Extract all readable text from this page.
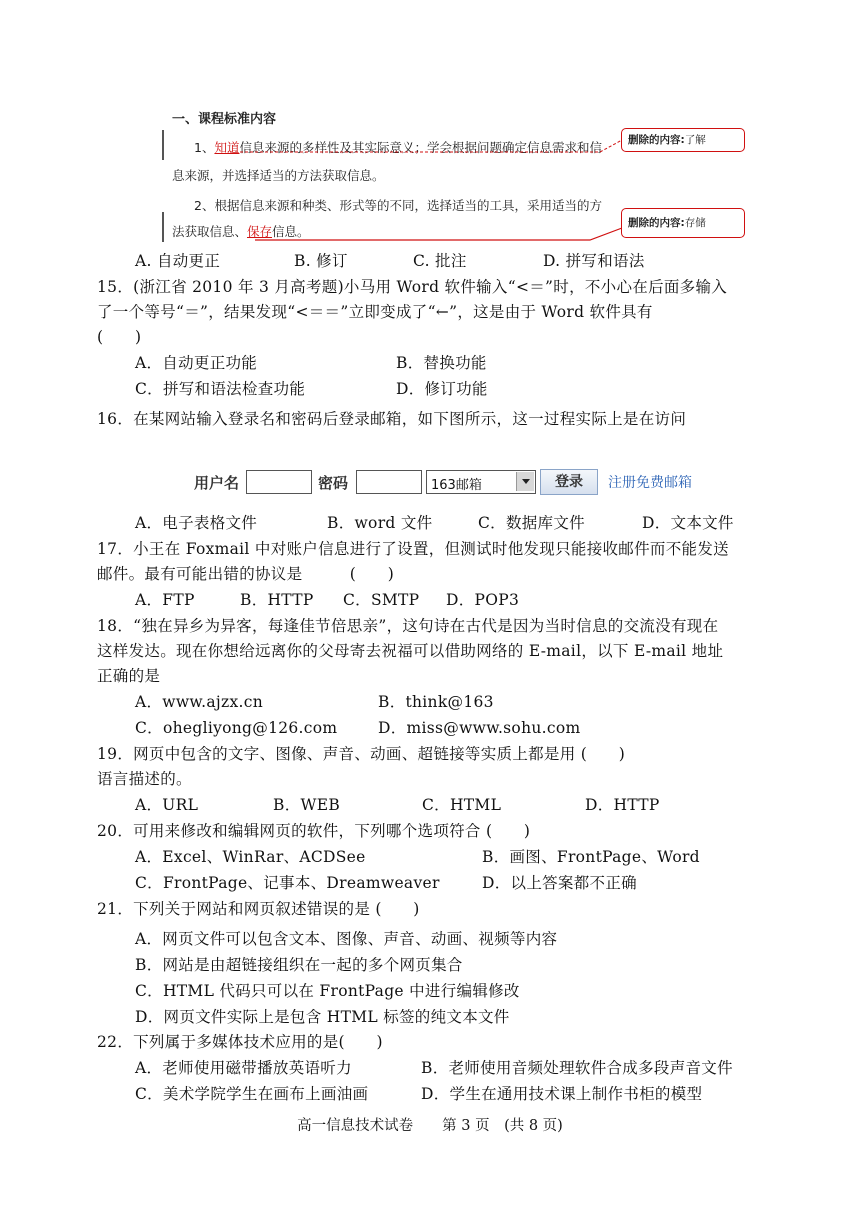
一、课程标准内容
1、知道信息来源的多样性及其实际意义；学会根据问题确定信息需求和信
息来源，并选择适当的方法获取信息。
2、根据信息来源和种类、形式等的不同，选择适当的工具，采用适当的方
法获取信息、保存信息。
删除的内容:了解
删除的内容:存储
A. 自动更正	B. 修订	C. 批注	D. 拼写和语法
15．(浙江省 2010 年 3 月高考题)小马用 Word 软件输入“<＝”时，不小心在后面多输入
了一个等号“＝”，结果发现“<＝＝”立即变成了“←”，这是由于 Word 软件具有
(　　)
A．自动更正功能	B．替换功能
C．拼写和语法检查功能	D．修订功能
16．在某网站输入登录名和密码后登录邮箱，如下图所示，这一过程实际上是在访问
用户名	密码	163邮箱	登录	注册免费邮箱
A．电子表格文件	B．word 文件	C．数据库文件	D．文本文件
17．小王在 Foxmail 中对账户信息进行了设置，但测试时他发现只能接收邮件而不能发送
邮件。最有可能出错的协议是　　　(　　)
A．FTP	B．HTTP C．SMTP D．POP3
18．“独在异乡为异客，每逢佳节倍思亲”，这句诗在古代是因为当时信息的交流没有现在
这样发达。现在你想给远离你的父母寄去祝福可以借助网络的 E-mail，以下 E-mail 地址
正确的是
A．www.ajzx.cn	B．think@163
C．ohegliyong@126.com	D．miss@www.sohu.com
19．网页中包含的文字、图像、声音、动画、超链接等实质上都是用 (　　)
语言描述的。
A．URL	B．WEB	C．HTML	D．HTTP
20．可用来修改和编辑网页的软件，下列哪个选项符合 (　　)
A．Excel、WinRar、ACDSee	B．画图、FrontPage、Word
C．FrontPage、记事本、Dreamweaver	D．以上答案都不正确
21．下列关于网站和网页叙述错误的是 (　　)
A．网页文件可以包含文本、图像、声音、动画、视频等内容
B．网站是由超链接组织在一起的多个网页集合
C．HTML 代码只可以在 FrontPage 中进行编辑修改
D．网页文件实际上是包含 HTML 标签的纯文本文件
22．下列属于多媒体技术应用的是(　　)
A．老师使用磁带播放英语听力	B．老师使用音频处理软件合成多段声音文件
C．美术学院学生在画布上画油画	D．学生在通用技术课上制作书柜的模型
高一信息技术试卷　　第 3 页　(共 8 页)
